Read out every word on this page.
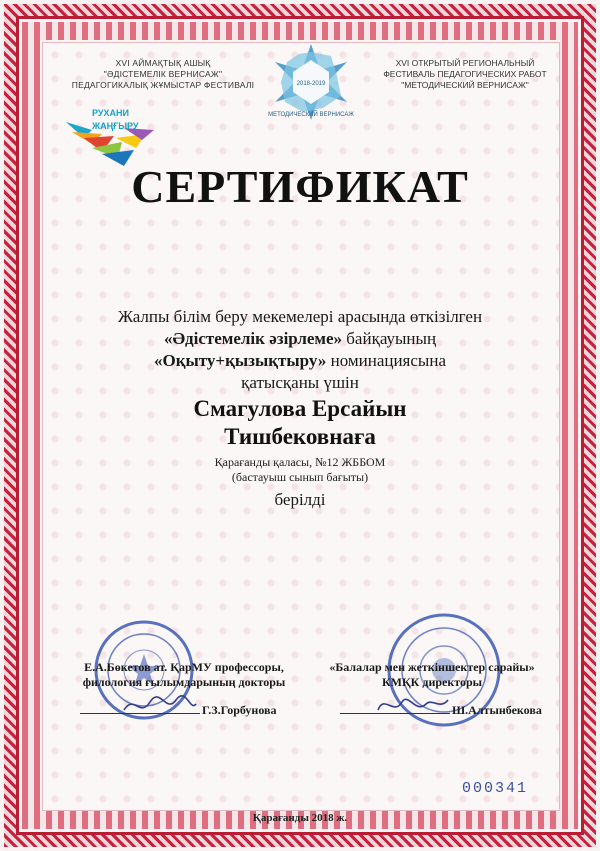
XVI АЙМАҚТЫҚ АШЫҚ
"ӘДІСТЕМЕЛІК ВЕРНИСАЖ"
ПЕДАГОГИКАЛЫҚ ЖҰМЫСТАР ФЕСТИВАЛІ
XVI ОТКРЫТЫЙ РЕГИОНАЛЬНЫЙ
ФЕСТИВАЛЬ ПЕДАГОГИЧЕСКИХ РАБОТ
"МЕТОДИЧЕСКИЙ ВЕРНИСАЖ"
2018-2019
МЕТОДИЧЕСКИЙ ВЕРНИСАЖ
РУХАНИ
ЖАҢҒЫРУ
СЕРТИФИКАТ
Жалпы білім беру мекемелері арасында өткізілген
«Әдістемелік әзірлеме» байқауының
«Оқыту+қызықтыру» номинациясына
қатысқаны үшін
Смагулова Ерсайын
Тишбековнаға
Қарағанды қаласы, №12 ЖББОМ
(бастауыш сынып бағыты)
берілді
Е.А.Бөкетов ат. ҚарМУ профессоры,
филология ғылымдарының докторы
Г.З.Горбунова
«Балалар мен жеткіншектер сарайы»
КМҚК директоры
Ш.Алтынбекова
000341
Қарағанды 2018 ж.
